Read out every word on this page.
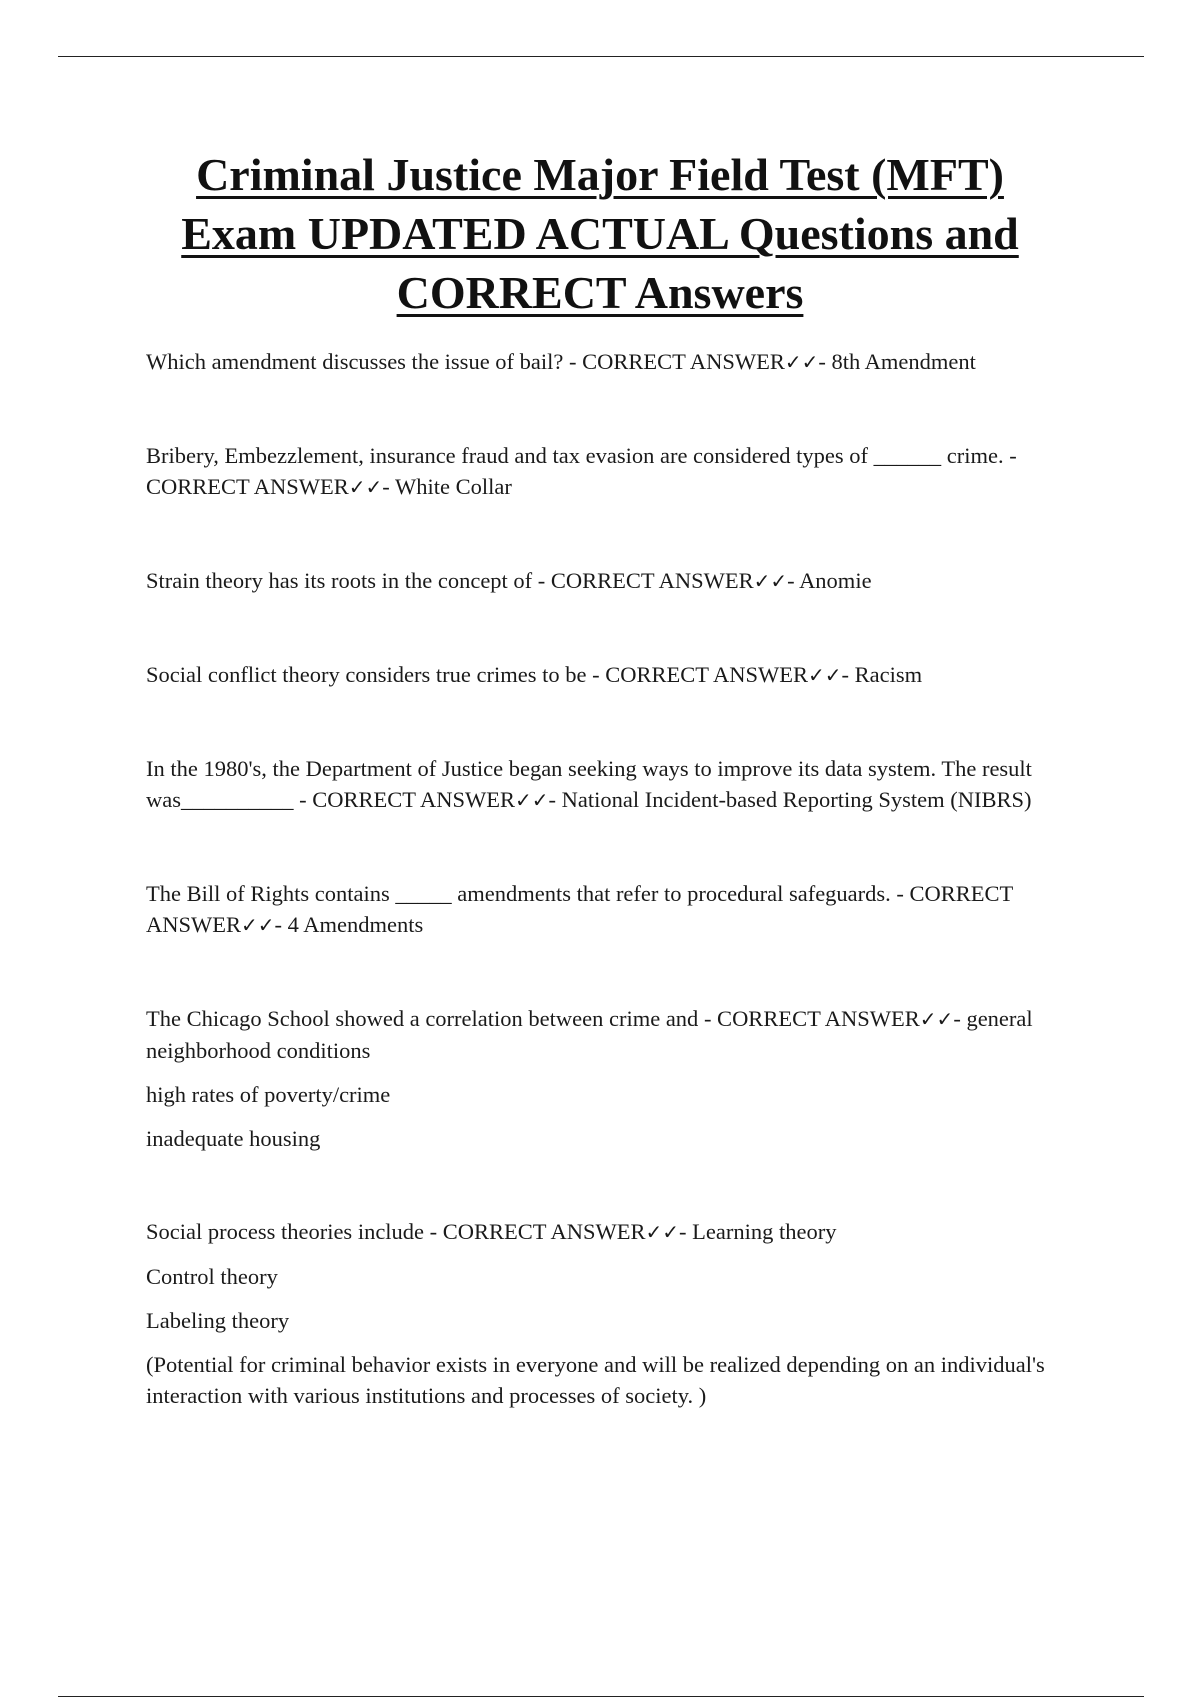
Criminal Justice Major Field Test (MFT)
Exam UPDATED ACTUAL Questions and
CORRECT Answers

Which amendment discusses the issue of bail? - CORRECT ANSWER✓✓- 8th Amendment

Bribery, Embezzlement, insurance fraud and tax evasion are considered types of ______ crime. - CORRECT ANSWER✓✓- White Collar

Strain theory has its roots in the concept of - CORRECT ANSWER✓✓- Anomie

Social conflict theory considers true crimes to be - CORRECT ANSWER✓✓- Racism

In the 1980's, the Department of Justice began seeking ways to improve its data system. The result was__________ - CORRECT ANSWER✓✓- National Incident-based Reporting System (NIBRS)

The Bill of Rights contains _____ amendments that refer to procedural safeguards. - CORRECT ANSWER✓✓- 4 Amendments

The Chicago School showed a correlation between crime and - CORRECT ANSWER✓✓- general neighborhood conditions

high rates of poverty/crime

inadequate housing

Social process theories include - CORRECT ANSWER✓✓- Learning theory

Control theory

Labeling theory

(Potential for criminal behavior exists in everyone and will be realized depending on an individual's interaction with various institutions and processes of society. )
